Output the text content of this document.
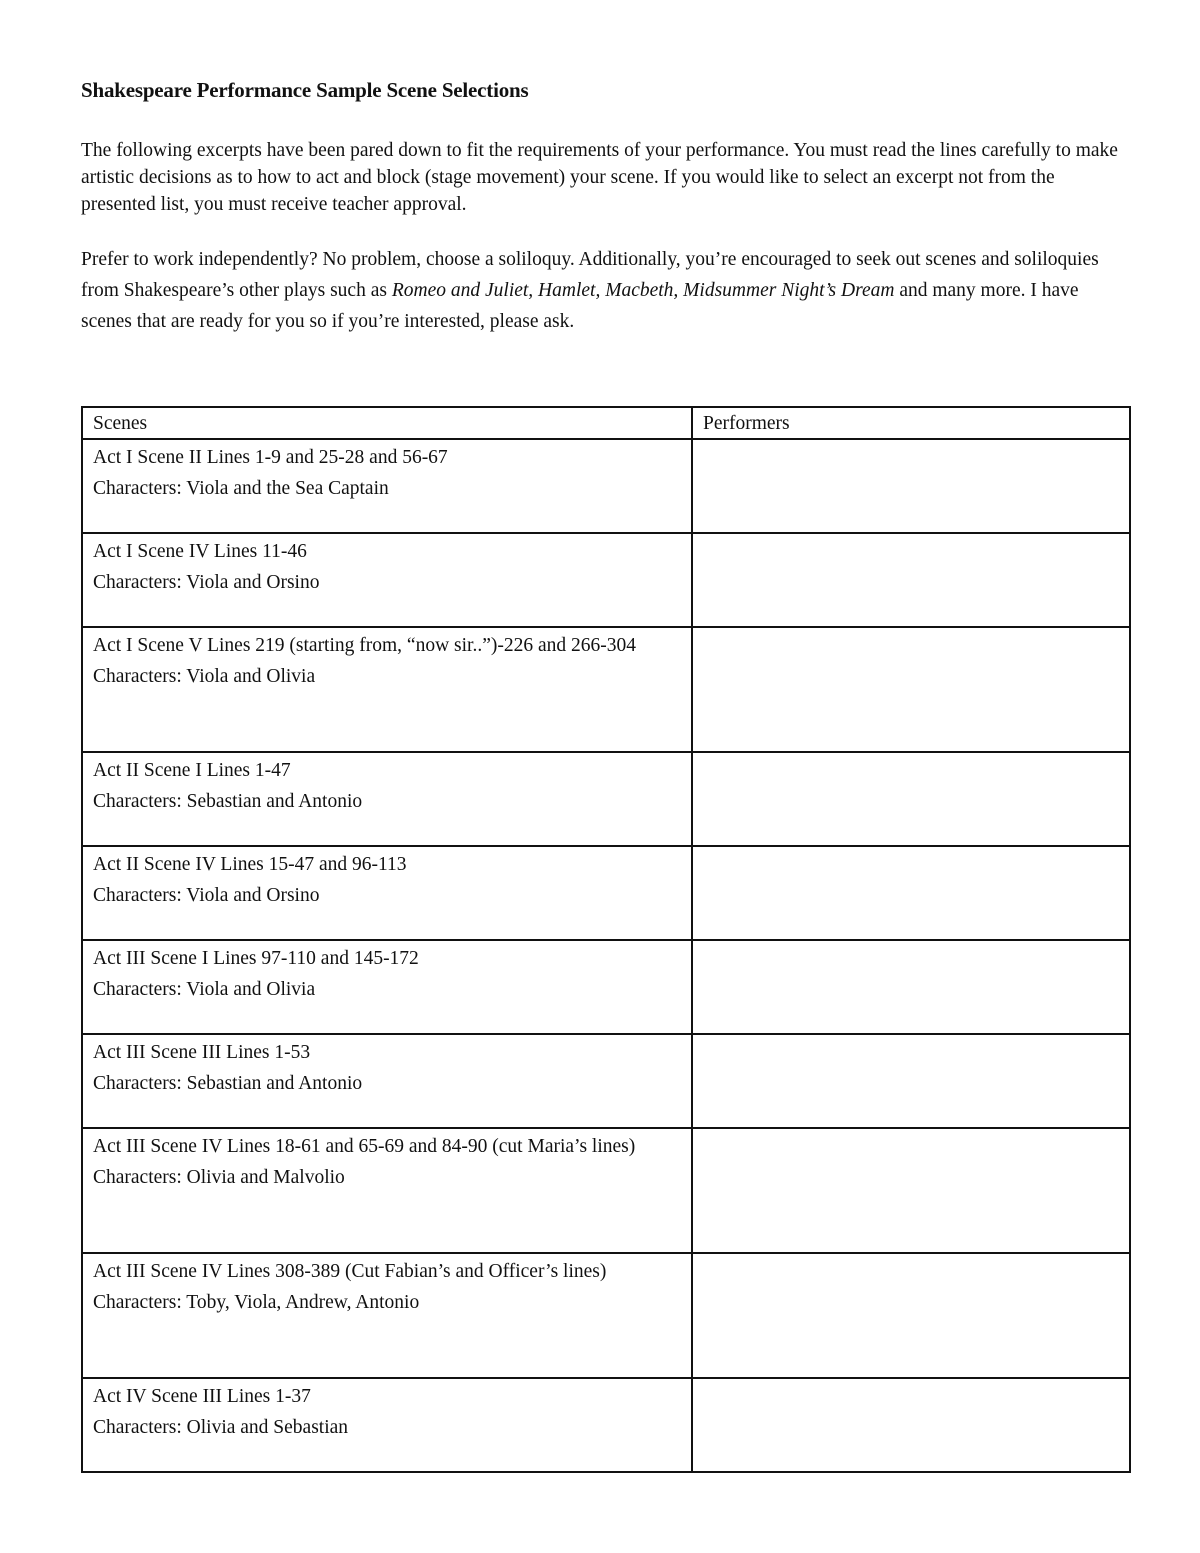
Shakespeare Performance Sample Scene Selections

The following excerpts have been pared down to fit the requirements of your performance. You must read the lines carefully to make artistic decisions as to how to act and block (stage movement) your scene. If you would like to select an excerpt not from the presented list, you must receive teacher approval.

Prefer to work independently? No problem, choose a soliloquy. Additionally, you’re encouraged to seek out scenes and soliloquies from Shakespeare’s other plays such as Romeo and Juliet, Hamlet, Macbeth, Midsummer Night’s Dream and many more. I have scenes that are ready for you so if you’re interested, please ask.

Scenes	Performers

Act I Scene II Lines 1-9 and 25-28 and 56-67
Characters: Viola and the Sea Captain	

Act I Scene IV Lines 11-46
Characters: Viola and Orsino	

Act I Scene V Lines 219 (starting from, “now sir..”)-226 and 266-304
Characters: Viola and Olivia	

Act II Scene I Lines 1-47
Characters: Sebastian and Antonio	

Act II Scene IV Lines 15-47 and 96-113
Characters: Viola and Orsino	

Act III Scene I Lines 97-110 and 145-172
Characters: Viola and Olivia	

Act III Scene III Lines 1-53
Characters: Sebastian and Antonio	

Act III Scene IV Lines 18-61 and 65-69 and 84-90 (cut Maria’s lines)
Characters: Olivia and Malvolio	

Act III Scene IV Lines 308-389 (Cut Fabian’s and Officer’s lines)
Characters: Toby, Viola, Andrew, Antonio	

Act IV Scene III Lines 1-37
Characters: Olivia and Sebastian	
